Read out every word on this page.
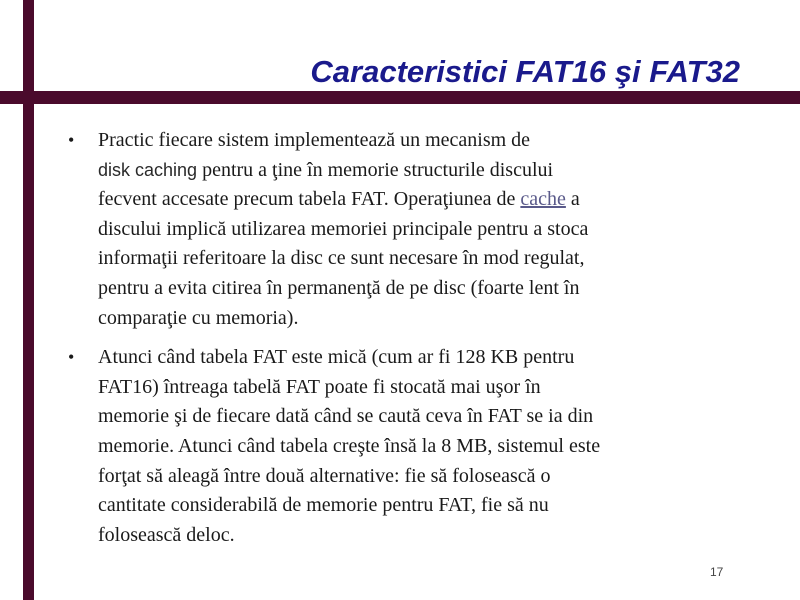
Caracteristici FAT16 şi FAT32
• Practic fiecare sistem implementează un mecanism de
disk caching pentru a ţine în memorie structurile discului
fecvent accesate precum tabela FAT. Operaţiunea de cache a
discului implică utilizarea memoriei principale pentru a stoca
informaţii referitoare la disc ce sunt necesare în mod regulat,
pentru a evita citirea în permanenţă de pe disc (foarte lent în
comparaţie cu memoria).
• Atunci când tabela FAT este mică (cum ar fi 128 KB pentru
FAT16) întreaga tabelă FAT poate fi stocată mai uşor în
memorie şi de fiecare dată când se caută ceva în FAT se ia din
memorie. Atunci când tabela creşte însă la 8 MB, sistemul este
forţat să aleagă între două alternative: fie să folosească o
cantitate considerabilă de memorie pentru FAT, fie să nu
folosească deloc.
17
